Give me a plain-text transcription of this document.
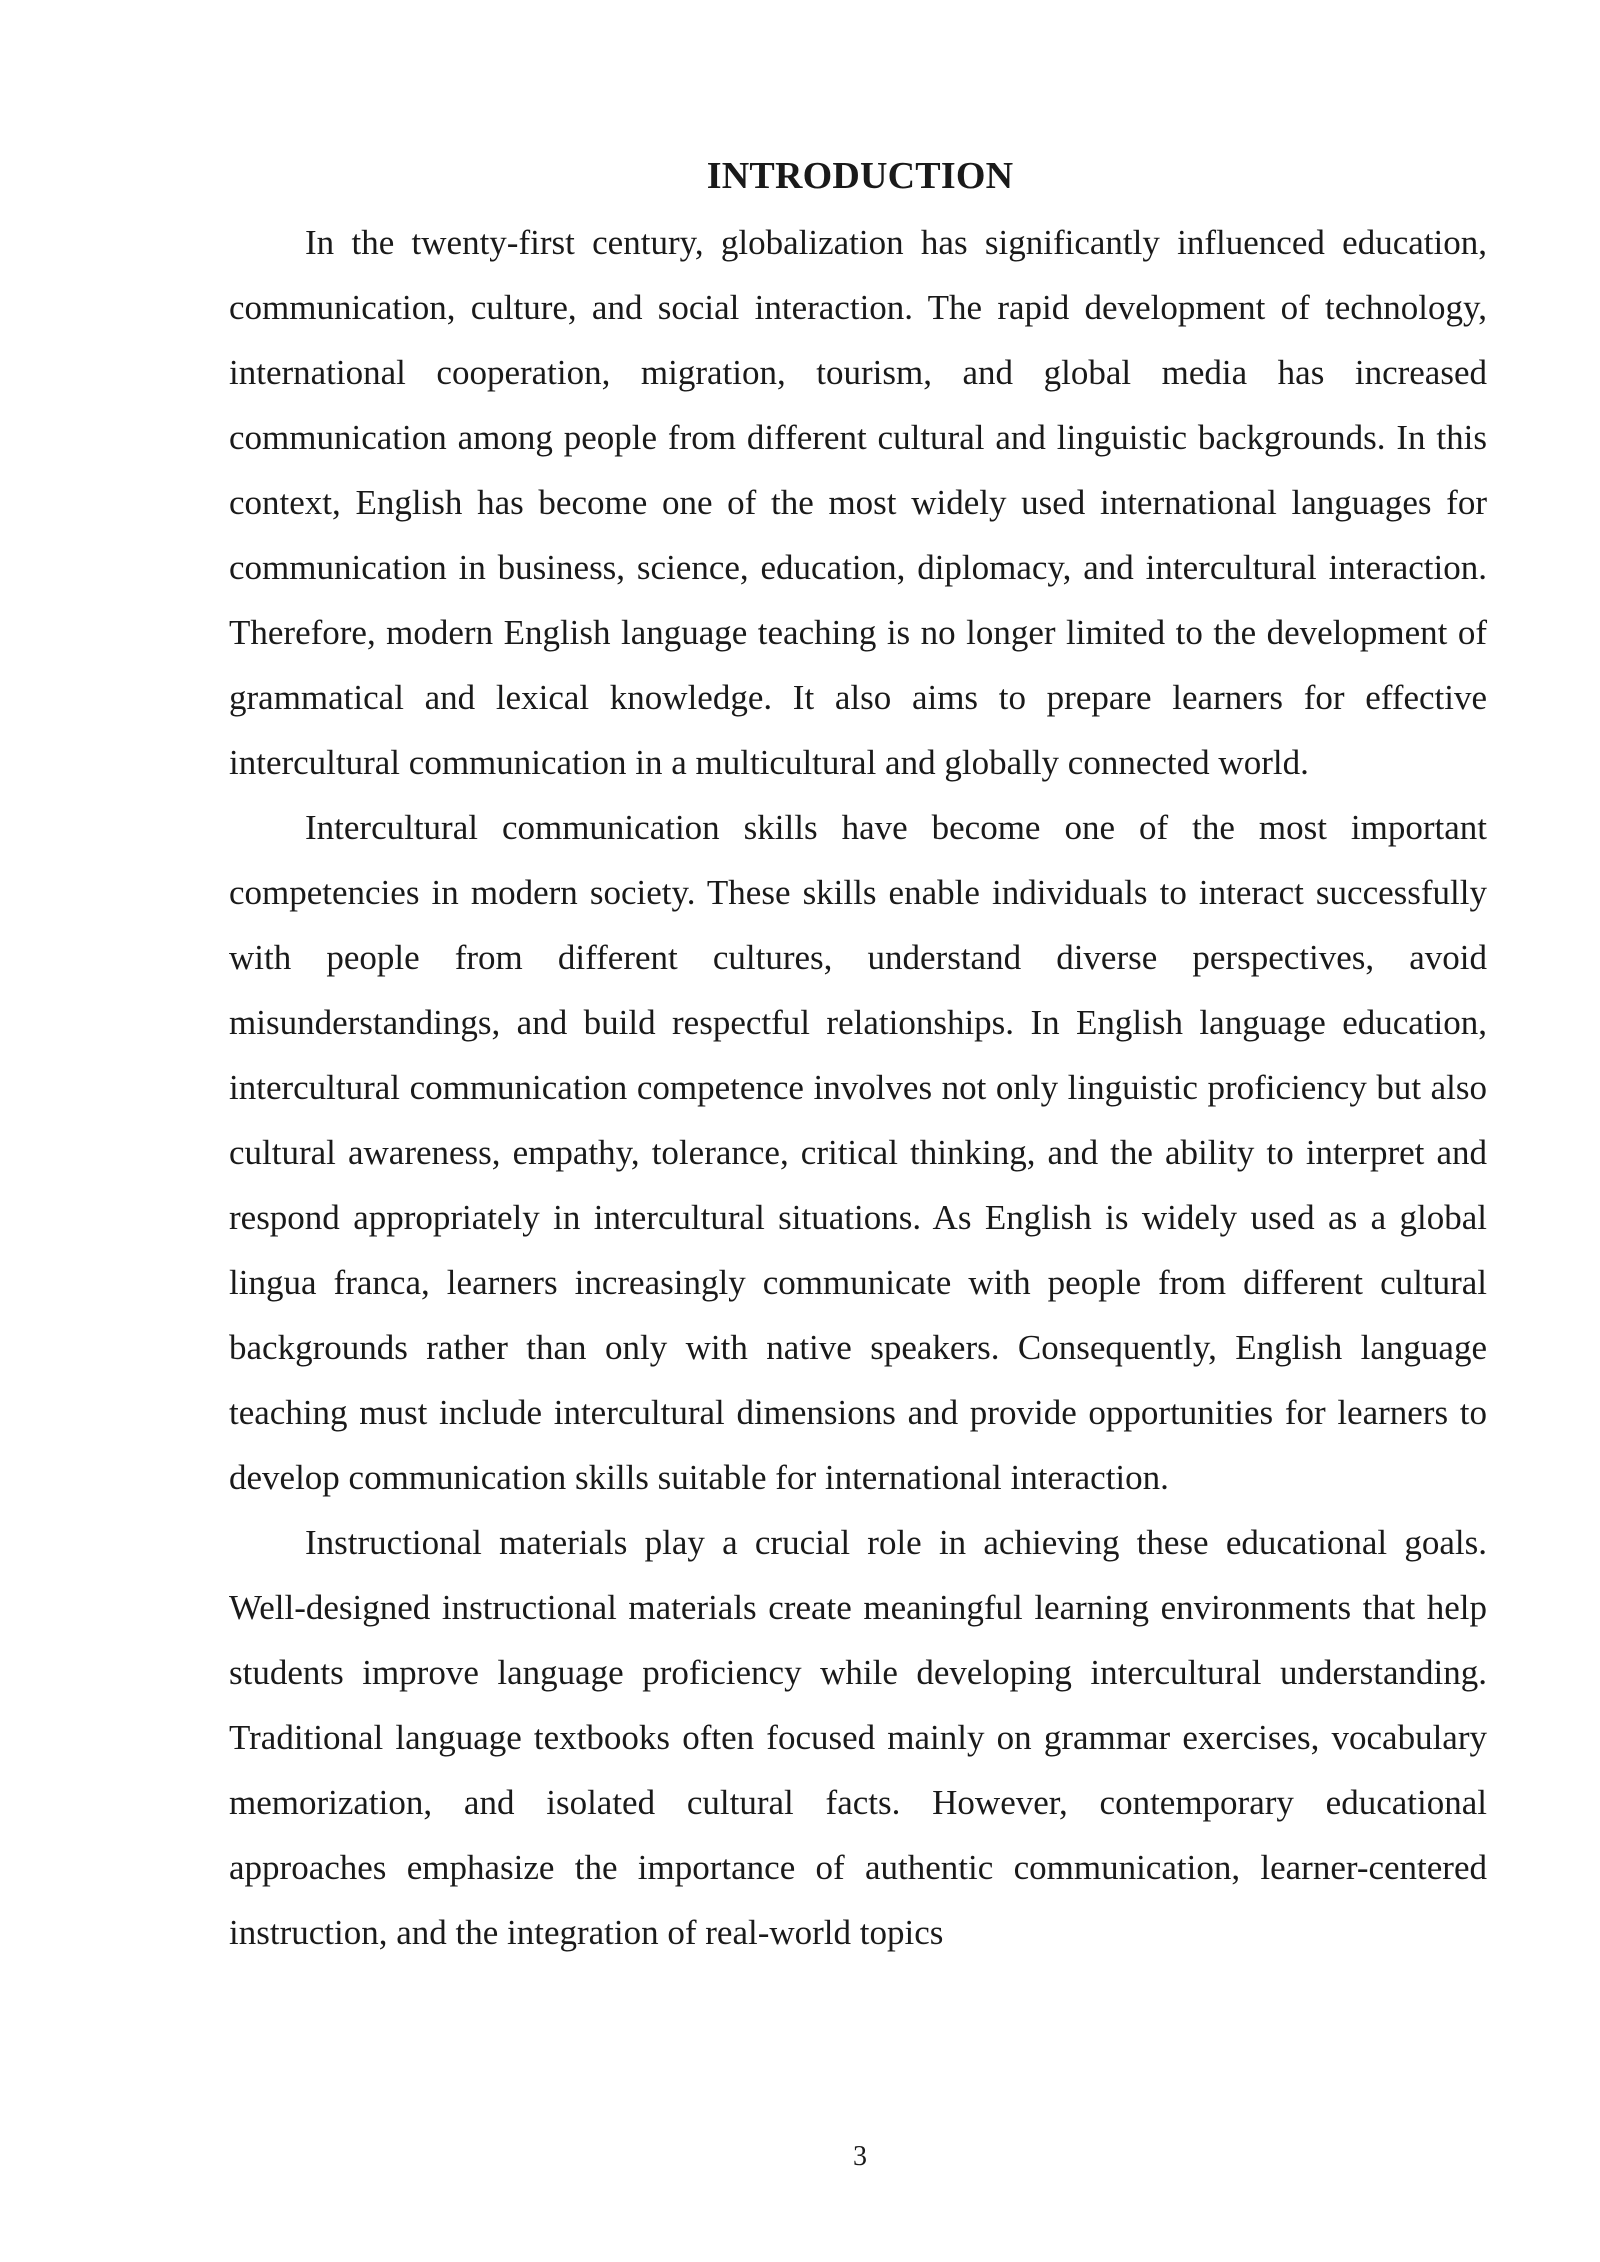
INTRODUCTION

In the twenty-first century, globalization has significantly influenced education, communication, culture, and social interaction. The rapid development of technology, international cooperation, migration, tourism, and global media has increased communication among people from different cultural and linguistic backgrounds. In this context, English has become one of the most widely used international languages for communication in business, science, education, diplomacy, and intercultural interaction. Therefore, modern English language teaching is no longer limited to the development of grammatical and lexical knowledge. It also aims to prepare learners for effective intercultural communication in a multicultural and globally connected world.

Intercultural communication skills have become one of the most important competencies in modern society. These skills enable individuals to interact successfully with people from different cultures, understand diverse perspectives, avoid misunderstandings, and build respectful relationships. In English language education, intercultural communication competence involves not only linguistic proficiency but also cultural awareness, empathy, tolerance, critical thinking, and the ability to interpret and respond appropriately in intercultural situations. As English is widely used as a global lingua franca, learners increasingly communicate with people from different cultural backgrounds rather than only with native speakers. Consequently, English language teaching must include intercultural dimensions and provide opportunities for learners to develop communication skills suitable for international interaction.

Instructional materials play a crucial role in achieving these educational goals. Well-designed instructional materials create meaningful learning environments that help students improve language proficiency while developing intercultural understanding. Traditional language textbooks often focused mainly on grammar exercises, vocabulary memorization, and isolated cultural facts. However, contemporary educational approaches emphasize the importance of authentic communication, learner-centered instruction, and the integration of real-world topics

3
